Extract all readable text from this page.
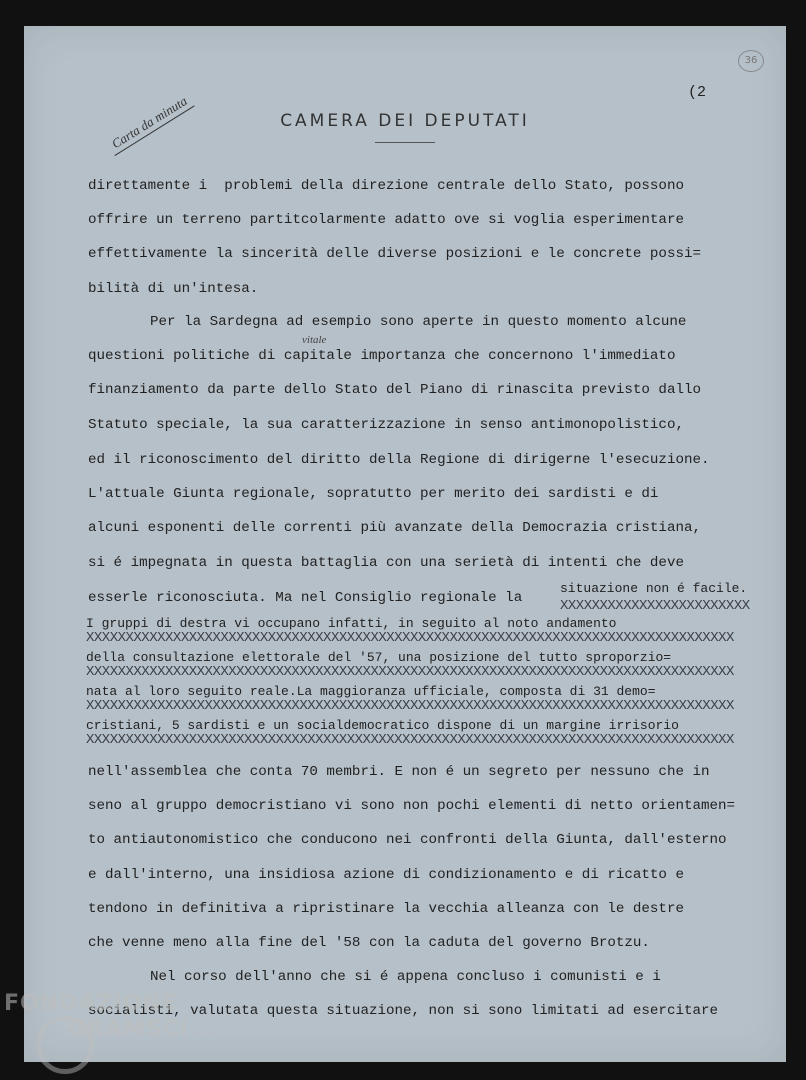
36
(2
Carta da minuta	CAMERA DEI DEPUTATI
vitale
direttamente i  problemi della direzione centrale dello Stato, possono
offrire un terreno partitcolarmente adatto ove si voglia esperimentare
effettivamente la sincerità delle diverse posizioni e le concrete possi=
bilità di un'intesa.
Per la Sardegna ad esempio sono aperte in questo momento alcune
questioni politiche di capitale importanza che concernono l'immediato
finanziamento da parte dello Stato del Piano di rinascita previsto dallo
Statuto speciale, la sua caratterizzazione in senso antimonopolistico,
ed il riconoscimento del diritto della Regione di dirigerne l'esecuzione.
L'attuale Giunta regionale, sopratutto per merito dei sardisti e di
alcuni esponenti delle correnti più avanzate della Democrazia cristiana,
si é impegnata in questa battaglia con una serietà di intenti che deve
esserle riconosciuta. Ma nel Consiglio regionale la
situazione non é facile.
XXXXXXXXXXXXXXXXXXXXXXXX
I gruppi di destra vi occupano infatti, in seguito al noto andamento
XXXXXXXXXXXXXXXXXXXXXXXXXXXXXXXXXXXXXXXXXXXXXXXXXXXXXXXXXXXXXXXXXXXXXXXXXXXXXXXXXX
della consultazione elettorale del '57, una posizione del tutto sproporzio=
XXXXXXXXXXXXXXXXXXXXXXXXXXXXXXXXXXXXXXXXXXXXXXXXXXXXXXXXXXXXXXXXXXXXXXXXXXXXXXXXXX
nata al loro seguito reale.La maggioranza ufficiale, composta di 31 demo=
XXXXXXXXXXXXXXXXXXXXXXXXXXXXXXXXXXXXXXXXXXXXXXXXXXXXXXXXXXXXXXXXXXXXXXXXXXXXXXXXXX
cristiani, 5 sardisti e un socialdemocratico dispone di un margine irrisorio
XXXXXXXXXXXXXXXXXXXXXXXXXXXXXXXXXXXXXXXXXXXXXXXXXXXXXXXXXXXXXXXXXXXXXXXXXXXXXXXXXX
nell'assemblea che conta 70 membri. E non é un segreto per nessuno che in
seno al gruppo democristiano vi sono non pochi elementi di netto orientamen=
to antiautonomistico che conducono nei confronti della Giunta, dall'esterno
e dall'interno, una insidiosa azione di condizionamento e di ricatto e
tendono in definitiva a ripristinare la vecchia alleanza con le destre
che venne meno alla fine del '58 con la caduta del governo Brotzu.
Nel corso dell'anno che si é appena concluso i comunisti e i
socialisti, valutata questa situazione, non si sono limitati ad esercitare
FONDAZIONE
GRAMSCI onlus
